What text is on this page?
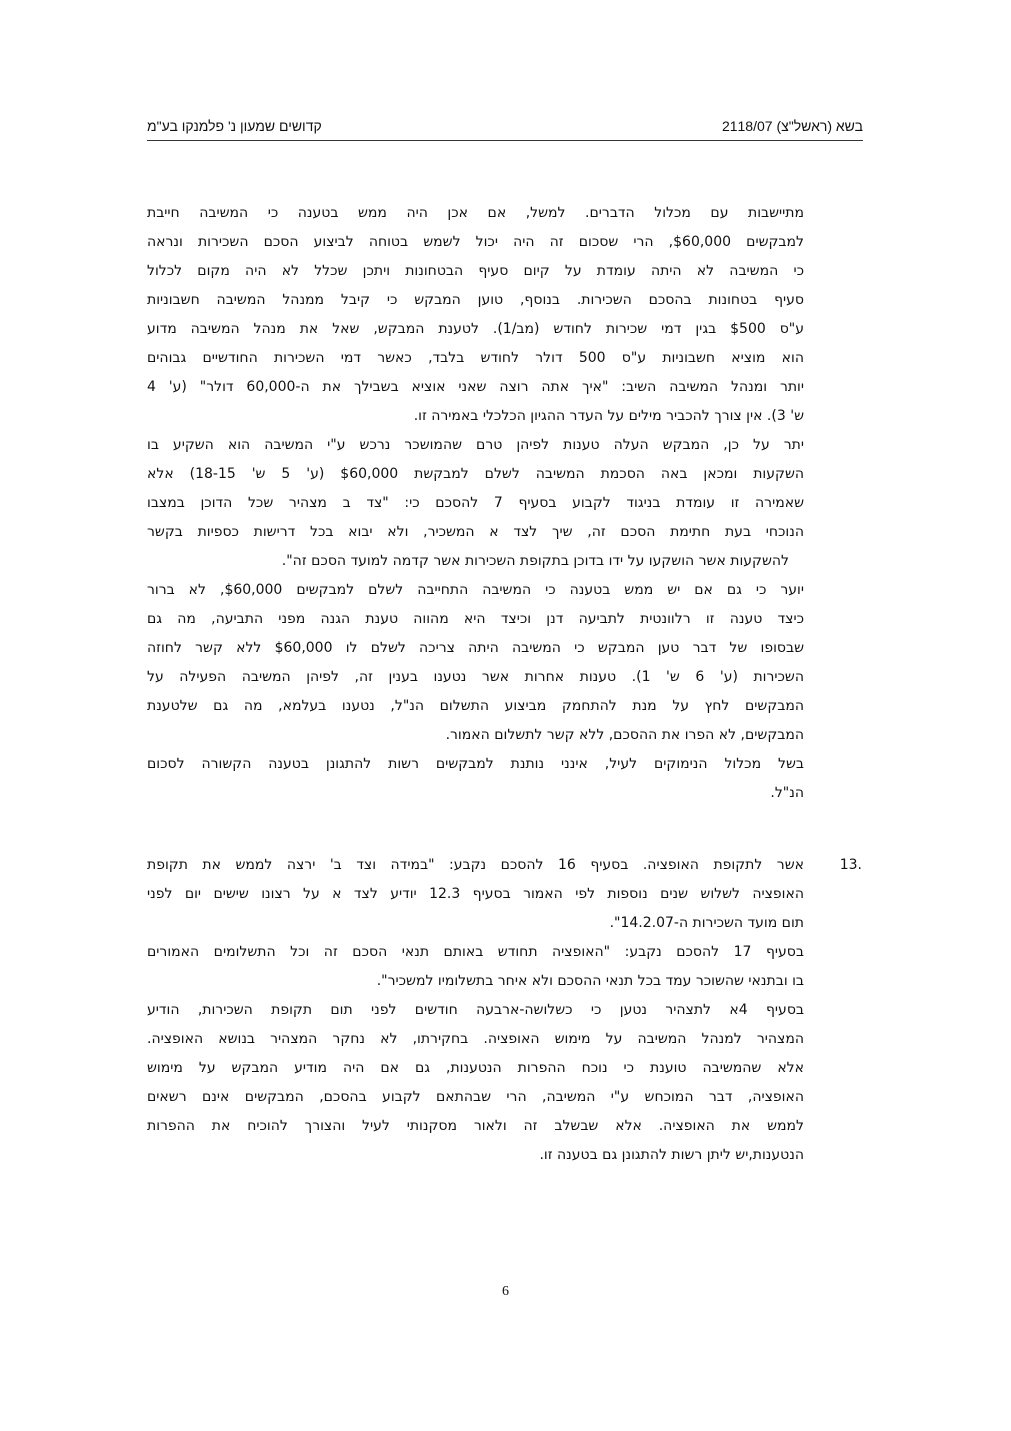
בשא (ראשל"צ) 2118/07
קדושים שמעון נ' פלמנקו בע"מ
מתיישבות עם מכלול הדברים. למשל, אם אכן היה ממש בטענה כי המשיבה חייבת
למבקשים $60,000, הרי שסכום זה היה יכול לשמש בטוחה לביצוע הסכם השכירות ונראה
כי המשיבה לא היתה עומדת על קיום סעיף הבטחונות ויתכן שכלל לא היה מקום לכלול
סעיף בטחונות בהסכם השכירות. בנוסף, טוען המבקש כי קיבל ממנהל המשיבה חשבוניות
ע"ס $500 בגין דמי שכירות לחודש (מב/1). לטענת המבקש, שאל את מנהל המשיבה מדוע
הוא מוציא חשבוניות ע"ס 500 דולר לחודש בלבד, כאשר דמי השכירות החודשיים גבוהים
יותר ומנהל המשיבה השיב: "איך אתה רוצה שאני אוציא בשבילך את ה-60,000 דולר" (ע' 4
ש' 3). אין צורך להכביר מילים על העדר ההגיון הכלכלי באמירה זו.
יתר על כן, המבקש העלה טענות לפיהן טרם שהמושכר נרכש ע"י המשיבה הוא השקיע בו
השקעות ומכאן באה הסכמת המשיבה לשלם למבקשת $60,000 (ע' 5 ש' 18-15) אלא
שאמירה זו עומדת בניגוד לקבוע בסעיף 7 להסכם כי: "צד ב מצהיר שכל הדוכן במצבו
הנוכחי בעת חתימת הסכם זה, שיך לצד א המשכיר, ולא יבוא בכל דרישות כספיות בקשר
להשקעות אשר הושקעו על ידו בדוכן בתקופת השכירות אשר קדמה למועד הסכם זה".
יוער כי גם אם יש ממש בטענה כי המשיבה התחייבה לשלם למבקשים $60,000, לא ברור
כיצד טענה זו רלוונטית לתביעה דנן וכיצד היא מהווה טענת הגנה מפני התביעה, מה גם
שבסופו של דבר טען המבקש כי המשיבה היתה צריכה לשלם לו $60,000 ללא קשר לחוזה
השכירות (ע' 6 ש' 1). טענות אחרות אשר נטענו בענין זה, לפיהן המשיבה הפעילה על
המבקשים לחץ על מנת להתחמק מביצוע התשלום הנ"ל, נטענו בעלמא, מה גם שלטענת
המבקשים, לא הפרו את ההסכם, ללא קשר לתשלום האמור.
בשל מכלול הנימוקים לעיל, אינני נותנת למבקשים רשות להתגונן בטענה הקשורה לסכום
הנ"ל.
13.
אשר לתקופת האופציה. בסעיף 16 להסכם נקבע: "במידה וצד ב' ירצה לממש את תקופת
האופציה לשלוש שנים נוספות לפי האמור בסעיף 12.3 יודיע לצד א על רצונו שישים יום לפני
תום מועד השכירות ה-14.2.07".
בסעיף 17 להסכם נקבע: "האופציה תחודש באותם תנאי הסכם זה וכל התשלומים האמורים
בו ובתנאי שהשוכר עמד בכל תנאי ההסכם ולא איחר בתשלומיו למשכיר".
בסעיף 4א לתצהיר נטען כי כשלושה-ארבעה חודשים לפני תום תקופת השכירות, הודיע
המצהיר למנהל המשיבה על מימוש האופציה. בחקירתו, לא נחקר המצהיר בנושא האופציה.
אלא שהמשיבה טוענת כי נוכח ההפרות הנטענות, גם אם היה מודיע המבקש על מימוש
האופציה, דבר המוכחש ע"י המשיבה, הרי שבהתאם לקבוע בהסכם, המבקשים אינם רשאים
לממש את האופציה. אלא שבשלב זה ולאור מסקנותי לעיל והצורך להוכיח את ההפרות
הנטענות,יש ליתן רשות להתגונן גם בטענה זו.
6
